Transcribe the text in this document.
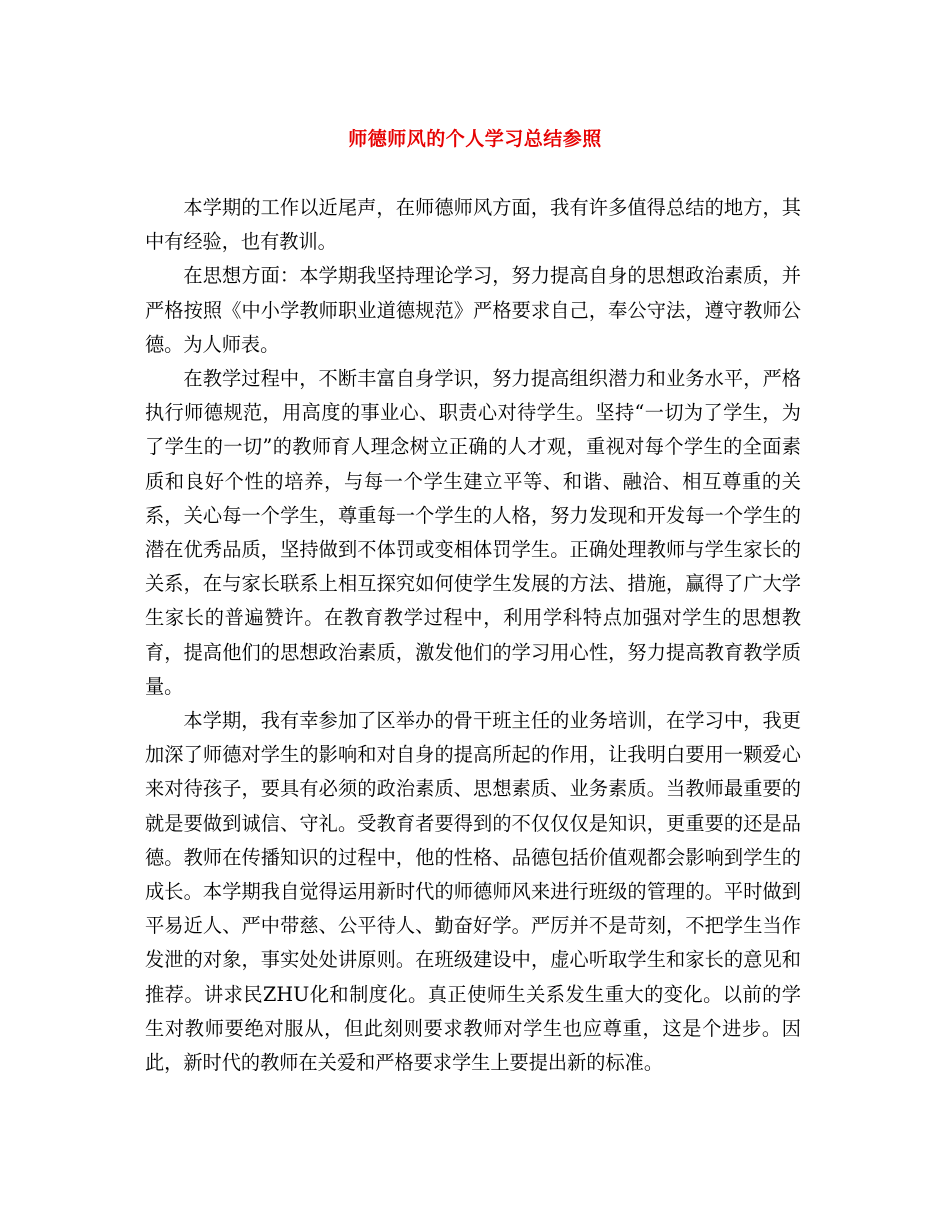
师德师风的个人学习总结参照

本学期的工作以近尾声，在师德师风方面，我有许多值得总结的地方，其中有经验，也有教训。

在思想方面：本学期我坚持理论学习，努力提高自身的思想政治素质，并严格按照《中小学教师职业道德规范》严格要求自己，奉公守法，遵守教师公德。为人师表。

在教学过程中，不断丰富自身学识，努力提高组织潜力和业务水平，严格执行师德规范，用高度的事业心、职责心对待学生。坚持“一切为了学生，为了学生的一切”的教师育人理念树立正确的人才观，重视对每个学生的全面素质和良好个性的培养，与每一个学生建立平等、和谐、融洽、相互尊重的关系，关心每一个学生，尊重每一个学生的人格，努力发现和开发每一个学生的潜在优秀品质，坚持做到不体罚或变相体罚学生。正确处理教师与学生家长的关系，在与家长联系上相互探究如何使学生发展的方法、措施，赢得了广大学生家长的普遍赞许。在教育教学过程中，利用学科特点加强对学生的思想教育，提高他们的思想政治素质，激发他们的学习用心性，努力提高教育教学质量。

本学期，我有幸参加了区举办的骨干班主任的业务培训，在学习中，我更加深了师德对学生的影响和对自身的提高所起的作用，让我明白要用一颗爱心来对待孩子，要具有必须的政治素质、思想素质、业务素质。当教师最重要的就是要做到诚信、守礼。受教育者要得到的不仅仅仅是知识，更重要的还是品德。教师在传播知识的过程中，他的性格、品德包括价值观都会影响到学生的成长。本学期我自觉得运用新时代的师德师风来进行班级的管理的。平时做到平易近人、严中带慈、公平待人、勤奋好学。严厉并不是苛刻，不把学生当作发泄的对象，事实处处讲原则。在班级建设中，虚心听取学生和家长的意见和推荐。讲求民ZHU化和制度化。真正使师生关系发生重大的变化。以前的学生对教师要绝对服从，但此刻则要求教师对学生也应尊重，这是个进步。因此，新时代的教师在关爱和严格要求学生上要提出新的标准。
